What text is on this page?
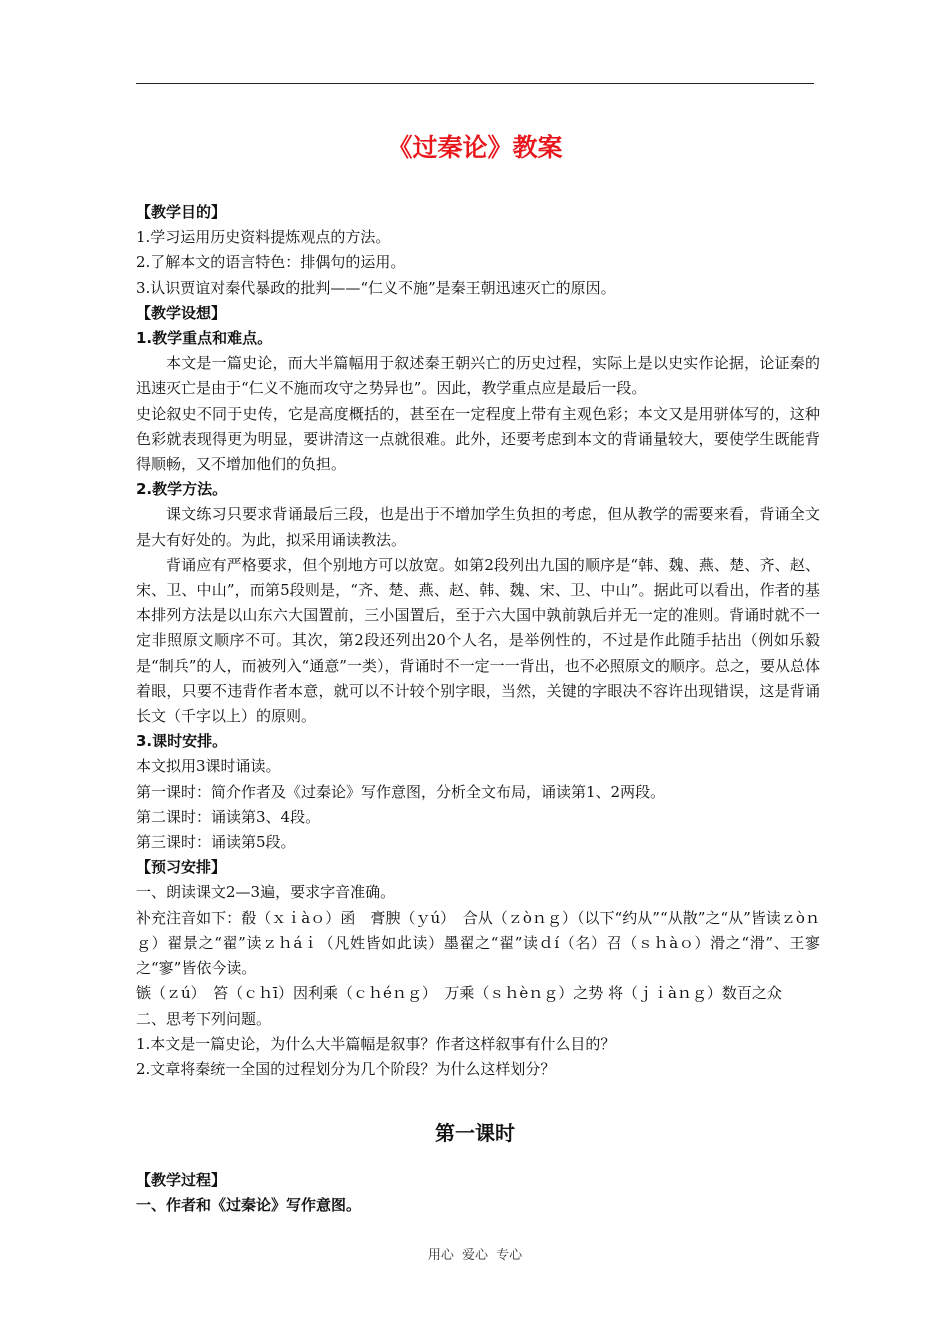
《过秦论》教案

【教学目的】

1.学习运用历史资料提炼观点的方法。

2.了解本文的语言特色：排偶句的运用。

3.认识贾谊对秦代暴政的批判——“仁义不施”是秦王朝迅速灭亡的原因。

【教学设想】

1.教学重点和难点。

本文是一篇史论，而大半篇幅用于叙述秦王朝兴亡的历史过程，实际上是以史实作论据，论证秦的迅速灭亡是由于“仁义不施而攻守之势异也”。因此，教学重点应是最后一段。

史论叙史不同于史传，它是高度概括的，甚至在一定程度上带有主观色彩；本文又是用骈体写的，这种色彩就表现得更为明显，要讲清这一点就很难。此外，还要考虑到本文的背诵量较大，要使学生既能背得顺畅，又不增加他们的负担。

2.教学方法。

课文练习只要求背诵最后三段，也是出于不增加学生负担的考虑，但从教学的需要来看，背诵全文是大有好处的。为此，拟采用诵读教法。

背诵应有严格要求，但个别地方可以放宽。如第2段列出九国的顺序是“韩、魏、燕、楚、齐、赵、宋、卫、中山”，而第5段则是，“齐、楚、燕、赵、韩、魏、宋、卫、中山”。据此可以看出，作者的基本排列方法是以山东六大国置前，三小国置后，至于六大国中孰前孰后并无一定的准则。背诵时就不一定非照原文顺序不可。其次，第2段还列出20个人名，是举例性的，不过是作此随手拈出（例如乐毅是“制兵”的人，而被列入“通意”一类），背诵时不一定一一背出，也不必照原文的顺序。总之，要从总体着眼，只要不违背作者本意，就可以不计较个别字眼，当然，关键的字眼决不容许出现错误，这是背诵长文（千字以上）的原则。

3.课时安排。

本文拟用3课时诵读。

第一课时：简介作者及《过秦论》写作意图，分析全文布局，诵读第1、2两段。

第二课时：诵读第3、4段。

第三课时：诵读第5段。

【预习安排】

一、朗读课文2—3遍，要求字音准确。

补充注音如下：殽（ｘｉàｏ）函　膏腴（ｙú）　合从（ｚòｎｇ）（以下“约从”“从散”之“从”皆读ｚòｎｇ）翟景之“翟”读ｚｈáｉ（凡姓皆如此读）墨翟之“翟”读ｄí（名）召（ｓｈàｏ）滑之“滑”、王寥之“寥”皆依今读。

镞（ｚú）　笞（ｃｈī）因利乘（ｃｈéｎｇ）　万乘（ｓｈèｎｇ）之势 将（ｊｉàｎｇ）数百之众

二、思考下列问题。

1.本文是一篇史论，为什么大半篇幅是叙事？作者这样叙事有什么目的？

2.文章将秦统一全国的过程划分为几个阶段？为什么这样划分？

第一课时

【教学过程】

一、作者和《过秦论》写作意图。

用心 爱心 专心
